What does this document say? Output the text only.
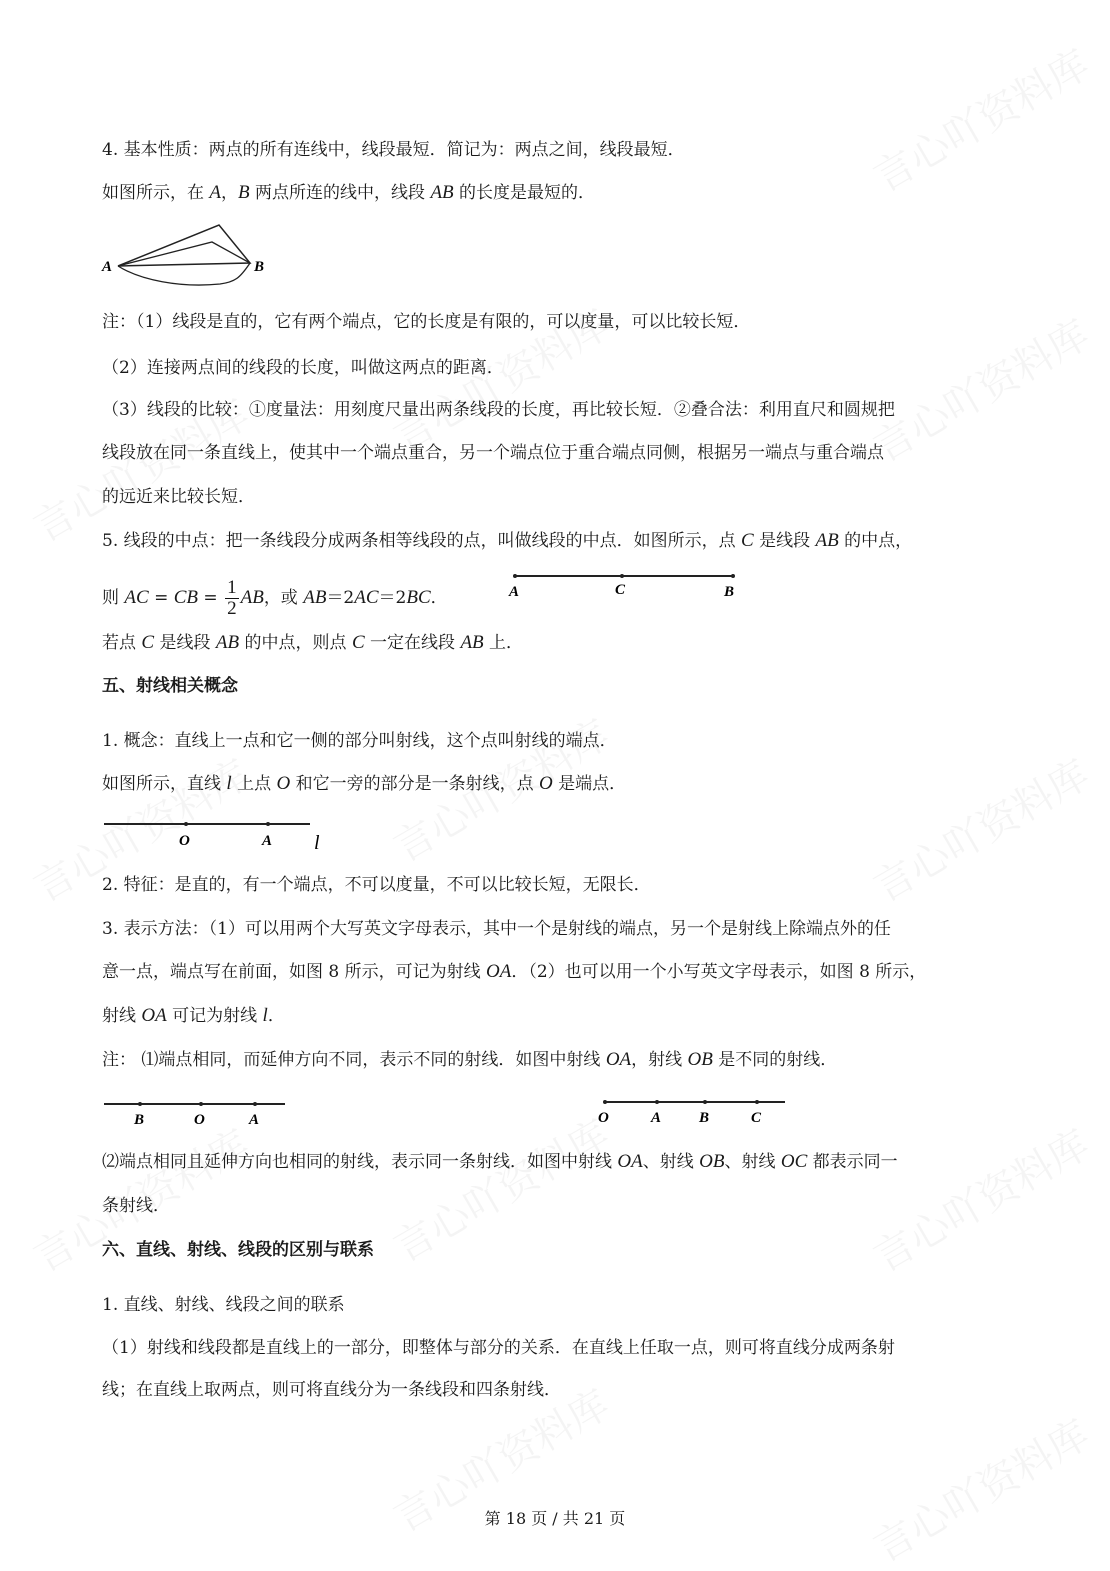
4. 基本性质：两点的所有连线中，线段最短．简记为：两点之间，线段最短．
如图所示，在 A，B 两点所连的线中，线段 AB 的长度是最短的．
注：（1）线段是直的，它有两个端点，它的长度是有限的，可以度量，可以比较长短．
（2）连接两点间的线段的长度，叫做这两点的距离．
（3）线段的比较：①度量法：用刻度尺量出两条线段的长度，再比较长短．②叠合法：利用直尺和圆规把
线段放在同一条直线上，使其中一个端点重合，另一个端点位于重合端点同侧，根据另一端点与重合端点
的远近来比较长短．
5. 线段的中点：把一条线段分成两条相等线段的点，叫做线段的中点．如图所示，点 C 是线段 AB 的中点，
则 AC = CB = $\frac{1}{2}$ AB，或 AB＝2AC＝2BC．
若点 C 是线段 AB 的中点，则点 C 一定在线段 AB 上．
五、射线相关概念
1. 概念：直线上一点和它一侧的部分叫射线，这个点叫射线的端点．
如图所示，直线 l 上点 O 和它一旁的部分是一条射线，点 O 是端点．
2. 特征：是直的，有一个端点，不可以度量，不可以比较长短，无限长．
3. 表示方法：（1）可以用两个大写英文字母表示，其中一个是射线的端点，另一个是射线上除端点外的任
意一点，端点写在前面，如图 8 所示，可记为射线 OA．（2）也可以用一个小写英文字母表示，如图 8 所示，
射线 OA 可记为射线 l．
注： ⑴端点相同，而延伸方向不同，表示不同的射线．如图中射线 OA，射线 OB 是不同的射线．
⑵端点相同且延伸方向也相同的射线，表示同一条射线．如图中射线 OA、射线 OB、射线 OC 都表示同一
条射线．
六、直线、射线、线段的区别与联系
1. 直线、射线、线段之间的联系
（1）射线和线段都是直线上的一部分，即整体与部分的关系．在直线上任取一点，则可将直线分成两条射
线；在直线上取两点，则可将直线分为一条线段和四条射线．
A	B
A	C	B
O	A l
B	O	A	O	A	B	C
第 18 页 / 共 21 页
